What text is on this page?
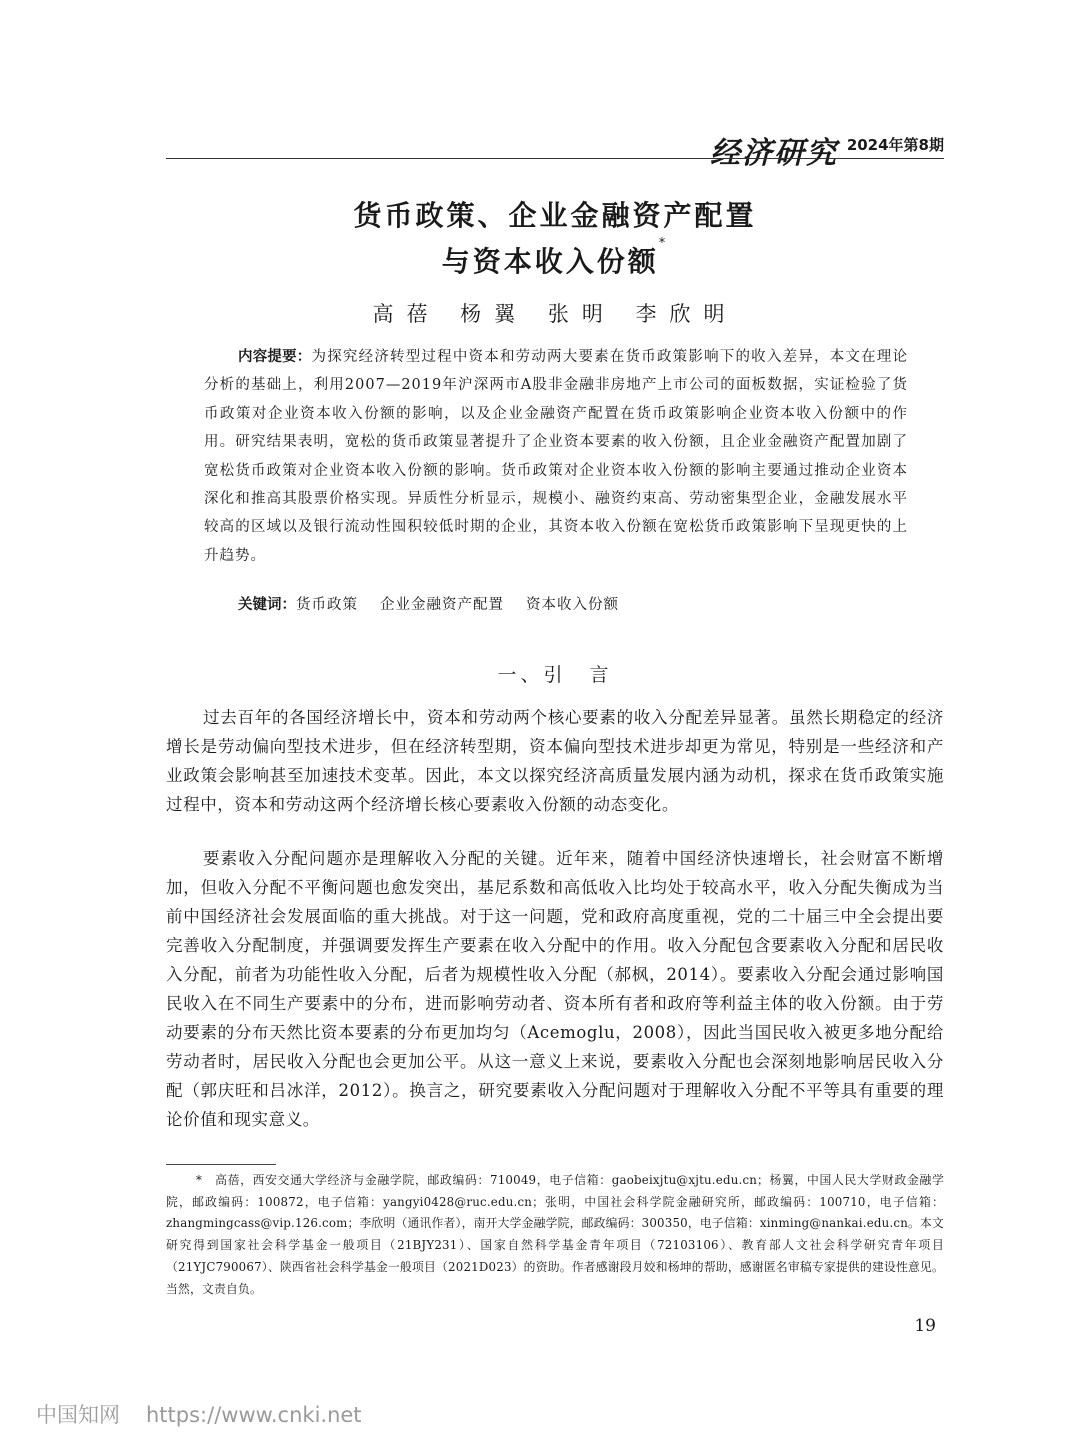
经济研究 2024年第8期
货币政策、企业金融资产配置
与资本收入份额*
高蓓 杨翼 张明 李欣明

内容提要：为探究经济转型过程中资本和劳动两大要素在货币政策影响下的收入差异，本文在理论分析的基础上，利用2007—2019年沪深两市A股非金融非房地产上市公司的面板数据，实证检验了货币政策对企业资本收入份额的影响，以及企业金融资产配置在货币政策影响企业资本收入份额中的作用。研究结果表明，宽松的货币政策显著提升了企业资本要素的收入份额，且企业金融资产配置加剧了宽松货币政策对企业资本收入份额的影响。货币政策对企业资本收入份额的影响主要通过推动企业资本深化和推高其股票价格实现。异质性分析显示，规模小、融资约束高、劳动密集型企业，金融发展水平较高的区域以及银行流动性囤积较低时期的企业，其资本收入份额在宽松货币政策影响下呈现更快的上升趋势。

关键词：货币政策 企业金融资产配置 资本收入份额
一、引　言

过去百年的各国经济增长中，资本和劳动两个核心要素的收入分配差异显著。虽然长期稳定的经济增长是劳动偏向型技术进步，但在经济转型期，资本偏向型技术进步却更为常见，特别是一些经济和产业政策会影响甚至加速技术变革。因此，本文以探究经济高质量发展内涵为动机，探求在货币政策实施过程中，资本和劳动这两个经济增长核心要素收入份额的动态变化。

要素收入分配问题亦是理解收入分配的关键。近年来，随着中国经济快速增长，社会财富不断增加，但收入分配不平衡问题也愈发突出，基尼系数和高低收入比均处于较高水平，收入分配失衡成为当前中国经济社会发展面临的重大挑战。对于这一问题，党和政府高度重视，党的二十届三中全会提出要完善收入分配制度，并强调要发挥生产要素在收入分配中的作用。收入分配包含要素收入分配和居民收入分配，前者为功能性收入分配，后者为规模性收入分配（郝枫，2014）。要素收入分配会通过影响国民收入在不同生产要素中的分布，进而影响劳动者、资本所有者和政府等利益主体的收入份额。由于劳动要素的分布天然比资本要素的分布更加均匀（Acemoglu，2008），因此当国民收入被更多地分配给劳动者时，居民收入分配也会更加公平。从这一意义上来说，要素收入分配也会深刻地影响居民收入分配（郭庆旺和吕冰洋，2012）。换言之，研究要素收入分配问题对于理解收入分配不平等具有重要的理论价值和现实意义。

*　高蓓，西安交通大学经济与金融学院，邮政编码：710049，电子信箱：gaobeixjtu@xjtu.edu.cn；杨翼，中国人民大学财政金融学院，邮政编码：100872，电子信箱：yangyi0428@ruc.edu.cn；张明，中国社会科学院金融研究所，邮政编码：100710，电子信箱：zhangmingcass@vip.126.com；李欣明（通讯作者），南开大学金融学院，邮政编码：300350，电子信箱：xinming@nankai.edu.cn。本文研究得到国家社会科学基金一般项目（21BJY231）、国家自然科学基金青年项目（72103106）、教育部人文社会科学研究青年项目（21YJC790067）、陕西省社会科学基金一般项目（2021D023）的资助。作者感谢段月姣和杨坤的帮助，感谢匿名审稿专家提供的建设性意见。当然，文责自负。

19
中国知网 https://www.cnki.net
